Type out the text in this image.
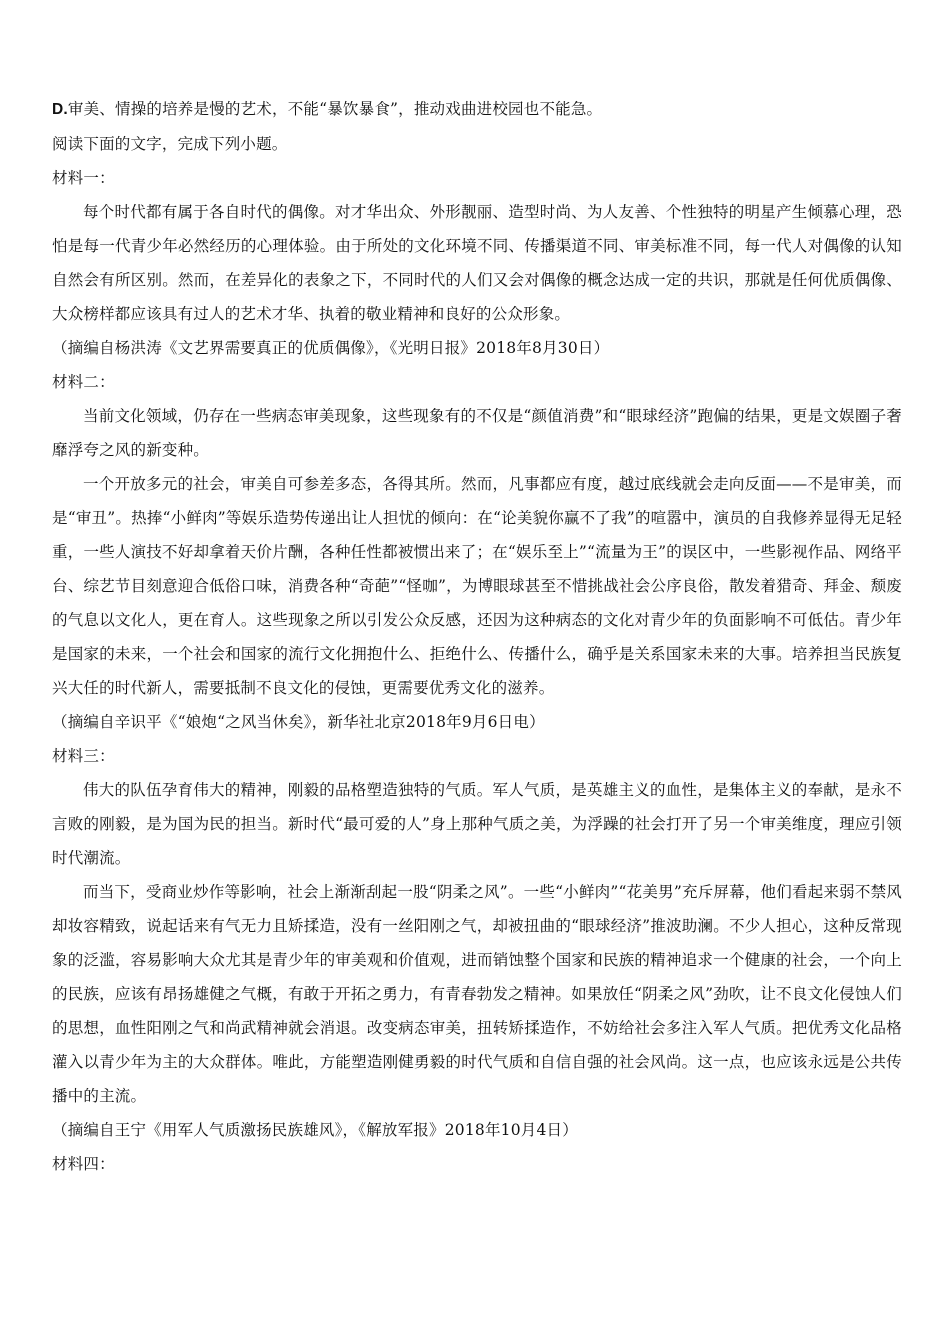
D.审美、情操的培养是慢的艺术，不能“暴饮暴食”，推动戏曲进校园也不能急。

阅读下面的文字，完成下列小题。

材料一：

每个时代都有属于各自时代的偶像。对才华出众、外形靓丽、造型时尚、为人友善、个性独特的明星产生倾慕心理，恐怕是每一代青少年必然经历的心理体验。由于所处的文化环境不同、传播渠道不同、审美标准不同，每一代人对偶像的认知自然会有所区别。然而，在差异化的表象之下，不同时代的人们又会对偶像的概念达成一定的共识，那就是任何优质偶像、大众榜样都应该具有过人的艺术才华、执着的敬业精神和良好的公众形象。

（摘编自杨洪涛《文艺界需要真正的优质偶像》，《光明日报》2018年8月30日）

材料二：

当前文化领域，仍存在一些病态审美现象，这些现象有的不仅是“颜值消费”和“眼球经济”跑偏的结果，更是文娱圈子奢靡浮夸之风的新变种。

一个开放多元的社会，审美自可参差多态，各得其所。然而，凡事都应有度，越过底线就会走向反面——不是审美，而是“审丑”。热捧“小鲜肉”等娱乐造势传递出让人担忧的倾向：在“论美貌你赢不了我”的喧嚣中，演员的自我修养显得无足轻重，一些人演技不好却拿着天价片酬，各种任性都被惯出来了；在“娱乐至上”“流量为王”的误区中，一些影视作品、网络平台、综艺节目刻意迎合低俗口味，消费各种“奇葩”“怪咖”，为博眼球甚至不惜挑战社会公序良俗，散发着猎奇、拜金、颓废的气息以文化人，更在育人。这些现象之所以引发公众反感，还因为这种病态的文化对青少年的负面影响不可低估。青少年是国家的未来，一个社会和国家的流行文化拥抱什么、拒绝什么、传播什么，确乎是关系国家未来的大事。培养担当民族复兴大任的时代新人，需要抵制不良文化的侵蚀，更需要优秀文化的滋养。

（摘编自辛识平《“娘炮“之风当休矣》，新华社北京2018年9月6日电）

材料三：

伟大的队伍孕育伟大的精神，刚毅的品格塑造独特的气质。军人气质，是英雄主义的血性，是集体主义的奉献，是永不言败的刚毅，是为国为民的担当。新时代“最可爱的人”身上那种气质之美，为浮躁的社会打开了另一个审美维度，理应引领时代潮流。

而当下，受商业炒作等影响，社会上渐渐刮起一股“阴柔之风”。一些“小鲜肉”“花美男”充斥屏幕，他们看起来弱不禁风却妆容精致，说起话来有气无力且矫揉造，没有一丝阳刚之气，却被扭曲的“眼球经济”推波助澜。不少人担心，这种反常现象的泛滥，容易影响大众尤其是青少年的审美观和价值观，进而销蚀整个国家和民族的精神追求一个健康的社会，一个向上的民族，应该有昂扬雄健之气概，有敢于开拓之勇力，有青春勃发之精神。如果放任“阴柔之风”劲吹，让不良文化侵蚀人们的思想，血性阳刚之气和尚武精神就会消退。改变病态审美，扭转矫揉造作，不妨给社会多注入军人气质。把优秀文化品格灌入以青少年为主的大众群体。唯此，方能塑造刚健勇毅的时代气质和自信自强的社会风尚。这一点，也应该永远是公共传播中的主流。

（摘编自王宁《用军人气质激扬民族雄风》，《解放军报》2018年10月4日）

材料四：
